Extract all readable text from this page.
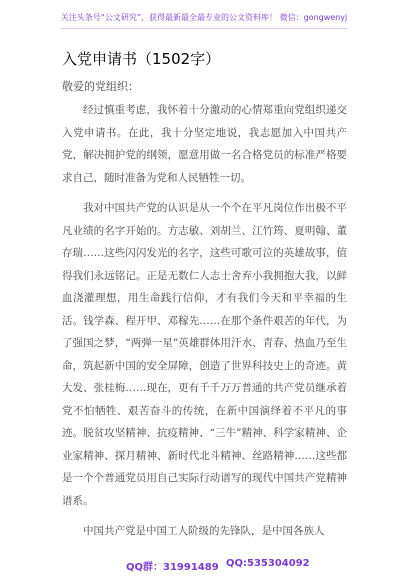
关注头条号“公文研究”，获得最新最全最专业的公文资料库！ 微信：gongwenyj
入党申请书（1502字）
敬爱的党组织：

经过慎重考虑，我怀着十分激动的心情郑重向党组织递交入党申请书。在此，我十分坚定地说，我志愿加入中国共产党，解决拥护党的纲领，愿意用做一名合格党员的标准严格要求自己，随时准备为党和人民牺牲一切。

我对中国共产党的认识是从一个个在平凡岗位作出极不平凡业绩的名字开始的。方志敏、刘胡兰、江竹筠、夏明翰、董存瑞……这些闪闪发光的名字，这些可歌可泣的英雄故事，值得我们永远铭记。正是无数仁人志士舍弃小我拥抱大我，以鲜血浇灌理想，用生命践行信仰，才有我们今天和平幸福的生活。钱学森、程开甲、邓稼先……在那个条件艰苦的年代，为了强国之梦，“两弹一星”英雄群体用汗水、青春、热血乃至生命，筑起新中国的安全屏障，创造了世界科技史上的奇迹。黄大发、张桂梅……现在，更有千千万万普通的共产党员继承着党不怕牺牲、艰苦奋斗的传统，在新中国演绎着不平凡的事迹。脱贫攻坚精神、抗疫精神、“三牛”精神、科学家精神、企业家精神、探月精神、新时代北斗精神、丝路精神……这些都是一个个普通党员用自己实际行动谱写的现代中国共产党精神谱系。

中国共产党是中国工人阶级的先锋队，是中国各族人

QQ群：31991489 QQ:535304092
